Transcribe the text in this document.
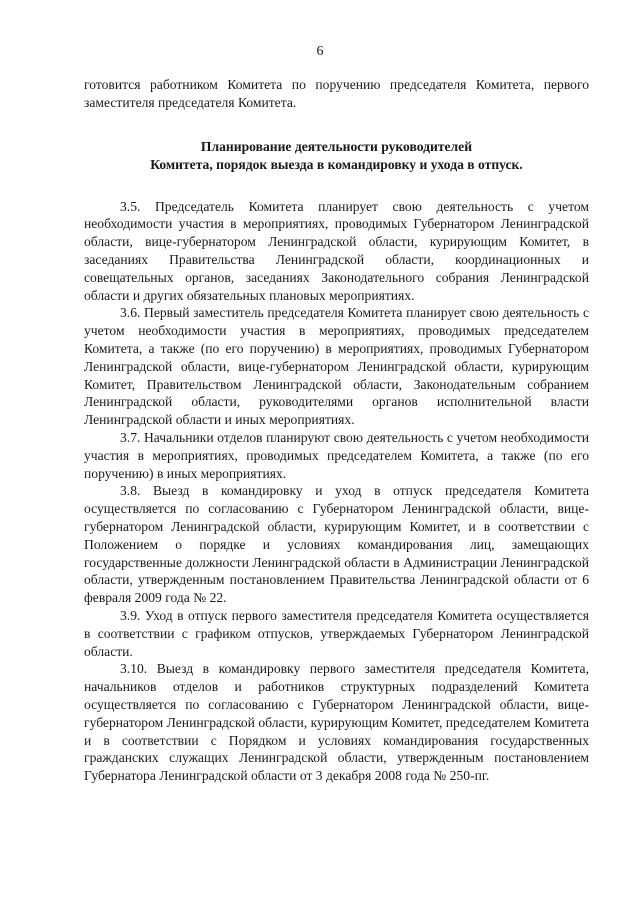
6

готовится работником Комитета по поручению председателя Комитета, первого заместителя председателя Комитета.

Планирование деятельности руководителей
Комитета, порядок выезда в командировку и ухода в отпуск.

3.5. Председатель Комитета планирует свою деятельность с учетом необходимости участия в мероприятиях, проводимых Губернатором Ленинградской области, вице-губернатором Ленинградской области, курирующим Комитет, в заседаниях Правительства Ленинградской области, координационных и совещательных органов, заседаниях Законодательного собрания Ленинградской области и других обязательных плановых мероприятиях.

3.6. Первый заместитель председателя Комитета планирует свою деятельность с учетом необходимости участия в мероприятиях, проводимых председателем Комитета, а также (по его поручению) в мероприятиях, проводимых Губернатором Ленинградской области, вице-губернатором Ленинградской области, курирующим Комитет, Правительством Ленинградской области, Законодательным собранием Ленинградской области, руководителями органов исполнительной власти Ленинградской области и иных мероприятиях.

3.7. Начальники отделов планируют свою деятельность с учетом необходимости участия в мероприятиях, проводимых председателем Комитета, а также (по его поручению) в иных мероприятиях.

3.8. Выезд в командировку и уход в отпуск председателя Комитета осуществляется по согласованию с Губернатором Ленинградской области, вице-губернатором Ленинградской области, курирующим Комитет, и в соответствии с Положением о порядке и условиях командирования лиц, замещающих государственные должности Ленинградской области в Администрации Ленинградской области, утвержденным постановлением Правительства Ленинградской области от 6 февраля 2009 года № 22.

3.9. Уход в отпуск первого заместителя председателя Комитета осуществляется в соответствии с графиком отпусков, утверждаемых Губернатором Ленинградской области.

3.10. Выезд в командировку первого заместителя председателя Комитета, начальников отделов и работников структурных подразделений Комитета осуществляется по согласованию с Губернатором Ленинградской области, вице-губернатором Ленинградской области, курирующим Комитет, председателем Комитета и в соответствии с Порядком и условиях командирования государственных гражданских служащих Ленинградской области, утвержденным постановлением Губернатора Ленинградской области от 3 декабря 2008 года № 250-пг.
